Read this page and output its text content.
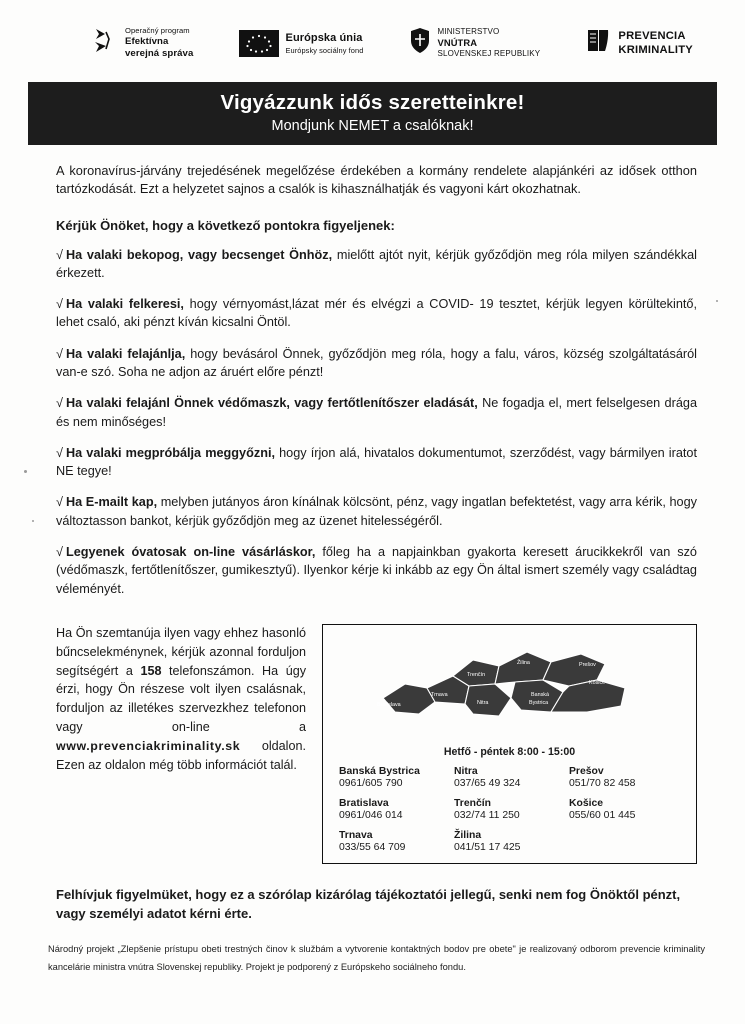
Operačný program
Efektívna
verejná správa
Európska únia
Európsky sociálny fond
MINISTERSTVO
VNÚTRA
SLOVENSKEJ REPUBLIKY
PREVENCIA
KRIMINALITY
Vigyázzunk idős szeretteinkre!
Mondjunk NEMET a csalóknak!

A koronavírus-járvány trejedésének megelőzése érdekében a kormány rendelete alapjánkéri az idősek otthon tartózkodását. Ezt a helyzetet sajnos a csalók is kihasználhatják és vagyoni kárt okozhatnak.

Kérjük Önöket, hogy a következő pontokra figyeljenek:

√ Ha valaki bekopog, vagy becsenget Önhöz, mielőtt ajtót nyit, kérjük győződjön meg róla milyen szándékkal érkezett.

√ Ha valaki felkeresi, hogy vérnyomást,lázat mér és elvégzi a COVID- 19 tesztet, kérjük legyen körültekintő, lehet csaló, aki pénzt kíván kicsalni Öntöl.

√ Ha valaki felajánlja, hogy bevásárol Önnek, győződjön meg róla, hogy a falu, város, község szolgáltatásáról van-e szó. Soha ne adjon az áruért előre pénzt!

√ Ha valaki felajánl Önnek védőmaszk, vagy fertőtlenítőszer eladását, Ne fogadja el, mert felselgesen drága és nem minőséges!

√ Ha valaki megpróbálja meggyőzni, hogy írjon alá, hivatalos dokumentumot, szerződést, vagy bármilyen iratot NE tegye!

√ Ha E-mailt kap, melyben jutányos áron kínálnak kölcsönt, pénz, vagy ingatlan befektetést, vagy arra kérik, hogy változtasson bankot, kérjük győződjön meg az üzenet hitelességéről.

√ Legyenek óvatosak on-line vásárláskor, főleg ha a napjainkban gyakorta keresett árucikkekről van szó (védőmaszk, fertőtlenítőszer, gumikesztyű). Ilyenkor kérje ki inkább az egy Ön által ismert személy vagy családtag véleményét.

Ha Ön szemtanúja ilyen vagy ehhez hasonló bűncselekménynek, kérjük azonnal forduljon segítségért a 158 telefonszámon. Ha úgy érzi, hogy Ön részese volt ilyen csalásnak, forduljon az illetékes szervezkhez telefonon vagy on-line a www.prevenciakriminality.sk oldalon. Ezen az oldalon még több információt talál.
Bratislava
Trnava
Trenčín
Nitra
Žilina
Banská
Bystrica
Prešov
Košice
Hetfő - péntek 8:00 - 15:00
Banská Bystrica
0961/605 790
Nitra
037/65 49 324
Prešov
051/70 82 458
Bratislava
0961/046 014
Trenčín
032/74 11 250
Košice
055/60 01 445
Trnava
033/55 64 709
Žilina
041/51 17 425
Felhívjuk figyelmüket, hogy ez a szórólap kizárólag tájékoztatói jellegű, senki nem fog Önöktől pénzt, vagy személyi adatot kérni érte.
Národný projekt „Zlepšenie prístupu obeti trestných činov k službám a vytvorenie kontaktných bodov pre obete" je realizovaný odborom prevencie kriminality kancelárie ministra vnútra Slovenskej republiky. Projekt je podporený z Európskeho sociálneho fondu.
